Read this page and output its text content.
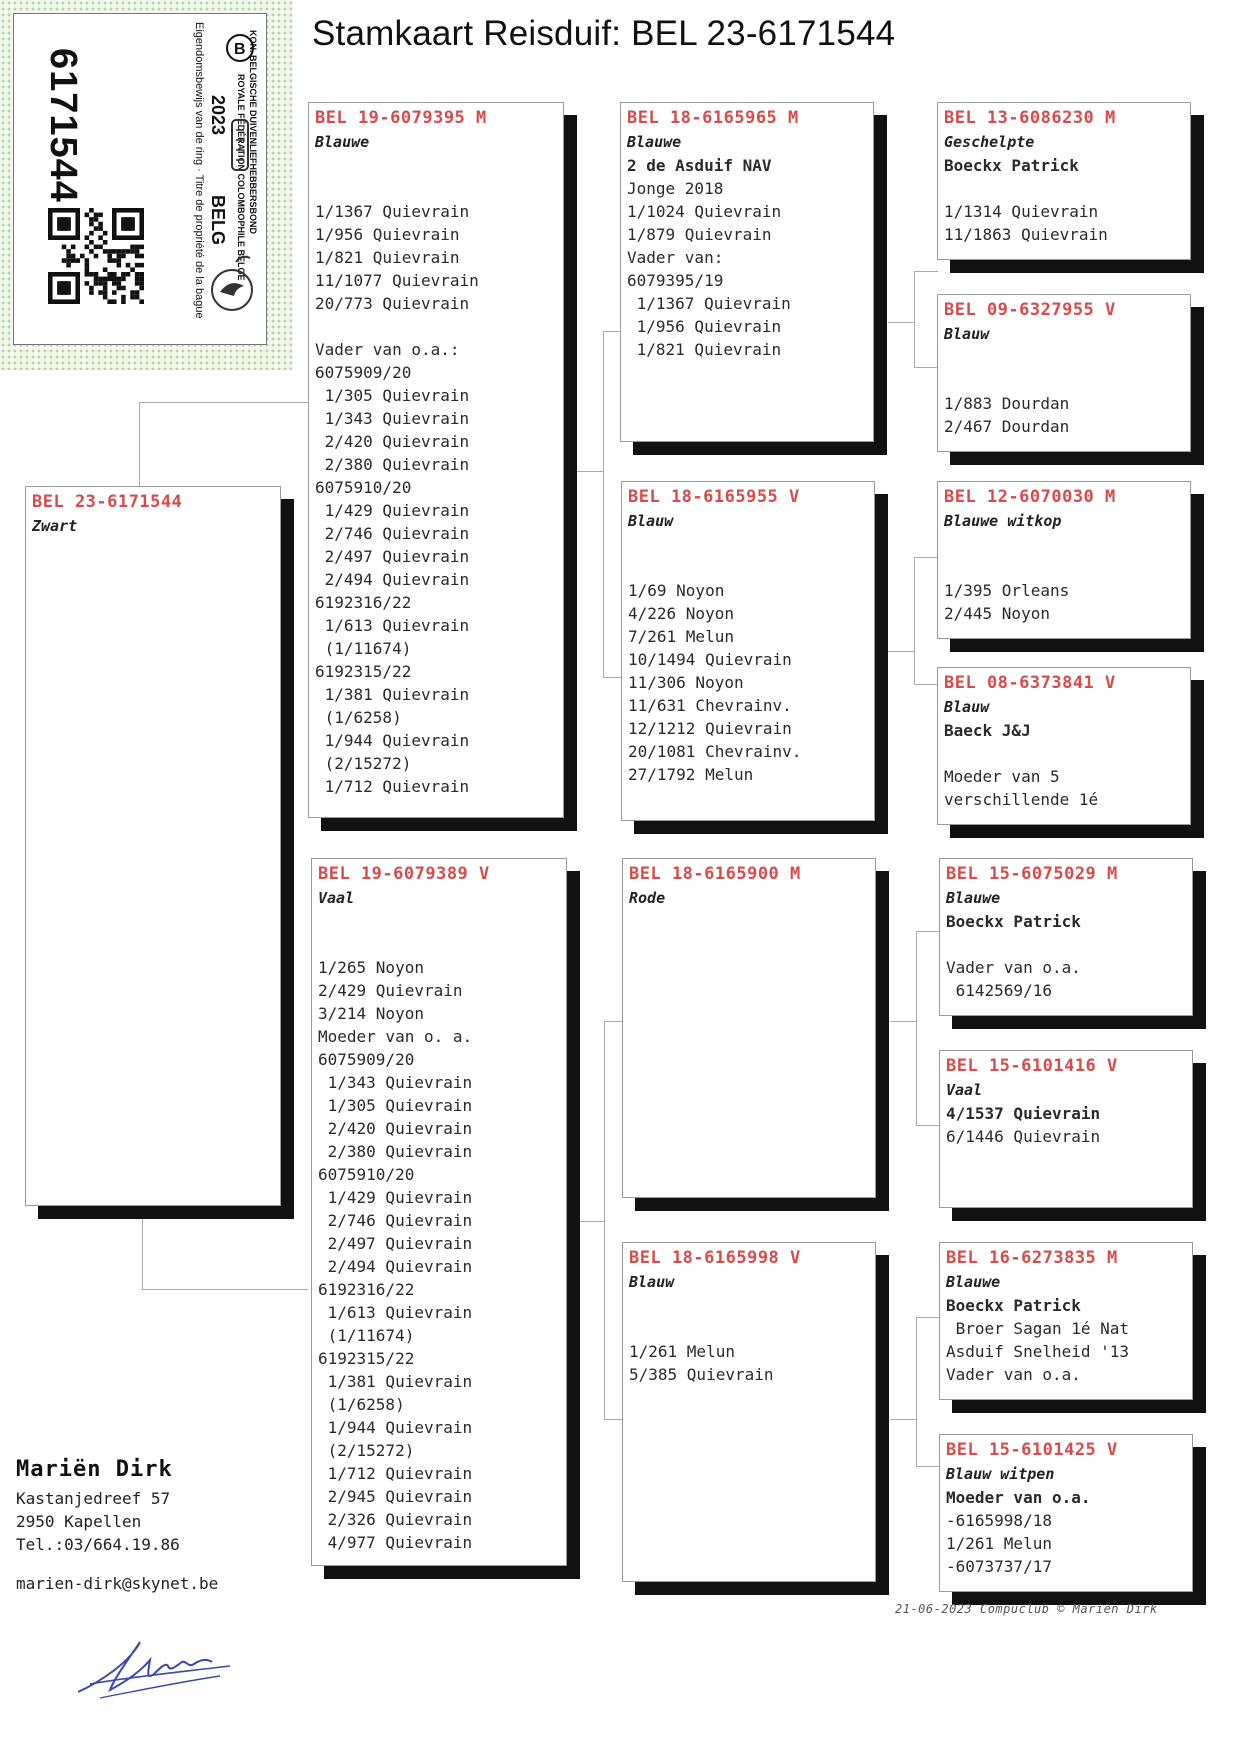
6171544	KON. BELGISCHE DUIVENLIEFHEBBERSBOND
ROYALE FÉDÉRATION COLOMBOPHILE BELGE
2023
BELG
Eigendomsbewijs van de ring · Titre de propriété de la bague B Stamkaart Reisduif: BEL 23-6171544
BEL 23-6171544
Zwart
BEL 19-6079395 M
Blauwe

1/1367 Quievrain
1/956 Quievrain
1/821 Quievrain
11/1077 Quievrain
20/773 Quievrain

Vader van o.a.:
6075909/20
1/305 Quievrain
1/343 Quievrain
2/420 Quievrain
2/380 Quievrain
6075910/20
1/429 Quievrain
2/746 Quievrain
2/497 Quievrain
2/494 Quievrain
6192316/22
1/613 Quievrain
(1/11674)
6192315/22
1/381 Quievrain
(1/6258)
1/944 Quievrain
(2/15272)
1/712 Quievrain
BEL 19-6079389 V
Vaal

1/265 Noyon
2/429 Quievrain
3/214 Noyon
Moeder van o. a.
6075909/20
1/343 Quievrain
1/305 Quievrain
2/420 Quievrain
2/380 Quievrain
6075910/20
1/429 Quievrain
2/746 Quievrain
2/497 Quievrain
2/494 Quievrain
6192316/22
1/613 Quievrain
(1/11674)
6192315/22
1/381 Quievrain
(1/6258)
1/944 Quievrain
(2/15272)
1/712 Quievrain
2/945 Quievrain
2/326 Quievrain
4/977 Quievrain
BEL 18-6165965 M
Blauwe
2 de Asduif NAV
Jonge 2018
1/1024 Quievrain
1/879 Quievrain
Vader van:
6079395/19
1/1367 Quievrain
1/956 Quievrain
1/821 Quievrain
BEL 18-6165955 V
Blauw

1/69 Noyon
4/226 Noyon
7/261 Melun
10/1494 Quievrain
11/306 Noyon
11/631 Chevrainv.
12/1212 Quievrain
20/1081 Chevrainv.
27/1792 Melun
BEL 18-6165900 M
Rode
BEL 18-6165998 V
Blauw

1/261 Melun
5/385 Quievrain
BEL 13-6086230 M
Geschelpte
Boeckx Patrick

1/1314 Quievrain
11/1863 Quievrain
BEL 09-6327955 V
Blauw

1/883 Dourdan
2/467 Dourdan
BEL 12-6070030 M
Blauwe witkop

1/395 Orleans
2/445 Noyon
BEL 08-6373841 V
Blauw
Baeck J&J

Moeder van 5
verschillende 1é
BEL 15-6075029 M
Blauwe
Boeckx Patrick

Vader van o.a.
6142569/16
BEL 15-6101416 V
Vaal
4/1537 Quievrain
6/1446 Quievrain
BEL 16-6273835 M
Blauwe
Boeckx Patrick
Broer Sagan 1é Nat
Asduif Snelheid '13
Vader van o.a.
BEL 15-6101425 V
Blauw witpen
Moeder van o.a.
-6165998/18
1/261 Melun
-6073737/17
Mariën Dirk
Kastanjedreef 57
2950 Kapellen
Tel.:03/664.19.86
marien-dirk@skynet.be
21-06-2023 Compuclub © Mariën Dirk
